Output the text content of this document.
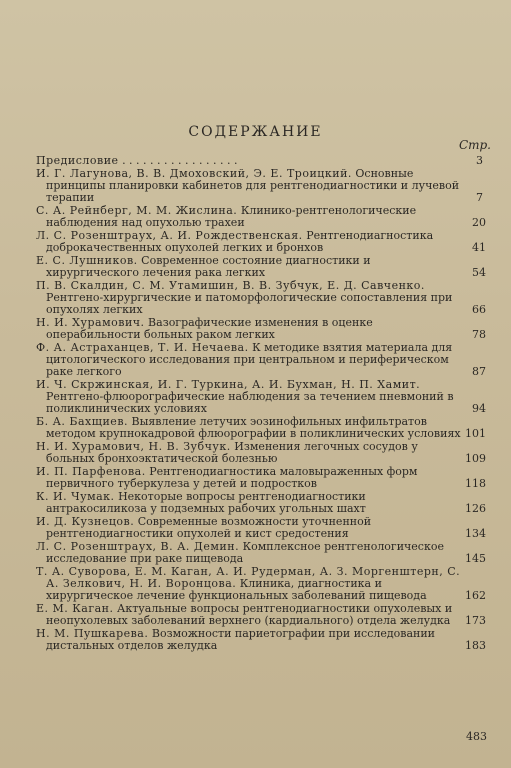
СОДЕРЖАНИЕ
Стр.
Предисловие . . . . . . . . . . . . . . . . .	3
И. Г. Лагунова, В. В. Дмоховский, Э. Е. Троицкий. Основные принципы планировки кабинетов для рентгенодиагностики и лучевой терапии	7
С. А. Рейнберг, М. М. Жислина. Клинико-рентгенологические наблюдения над опухолью трахеи	20
Л. С. Розенштраух, А. И. Рождественская. Рентгенодиагностика доброкачественных опухолей легких и бронхов	41
Е. С. Лушников. Современное состояние диагностики и хирургического лечения рака легких	54
П. В. Скалдин, С. М. Утамишин, В. В. Зубчук, Е. Д. Савченко. Рентгено-хирургические и патоморфологические сопоставления при опухолях легких	66
Н. И. Хурамович. Вазографические изменения в оценке операбильности больных раком легких	78
Ф. А. Астраханцев, Т. И. Нечаева. К методике взятия материала для цитологического исследования при центральном и периферическом раке легкого	87
И. Ч. Скржинская, И. Г. Туркина, А. И. Бухман, Н. П. Хамит. Рентгено-флюорографические наблюдения за течением пневмоний в поликлинических условиях	94
Б. А. Бахщиев. Выявление летучих эозинофильных инфильтратов методом крупнокадровой флюорографии в поликлинических условиях 101
Н. И. Хурамович, Н. В. Зубчук. Изменения легочных сосудов у больных бронхоэктатической болезнью	109
И. П. Парфенова. Рентгенодиагностика маловыраженных форм первичного туберкулеза у детей и подростков	118
К. И. Чумак. Некоторые вопросы рентгенодиагностики антракосиликоза у подземных рабочих угольных шахт	126
И. Д. Кузнецов. Современные возможности уточненной рентгенодиагностики опухолей и кист средостения	134
Л. С. Розенштраух, В. А. Демин. Комплексное рентгенологическое исследование при раке пищевода	145
Т. А. Суворова, Е. М. Каган, А. И. Рудерман, А. З. Моргенштерн, С. А. Зелкович, Н. И. Воронцова. Клиника, диагностика и хирургическое лечение функциональных заболеваний пищевода	162
Е. М. Каган. Актуальные вопросы рентгенодиагностики опухолевых и неопухолевых заболеваний верхнего (кардиального) отдела желудка 173
Н. М. Пушкарева. Возможности париетографии при исследовании дистальных отделов желудка	183
483
